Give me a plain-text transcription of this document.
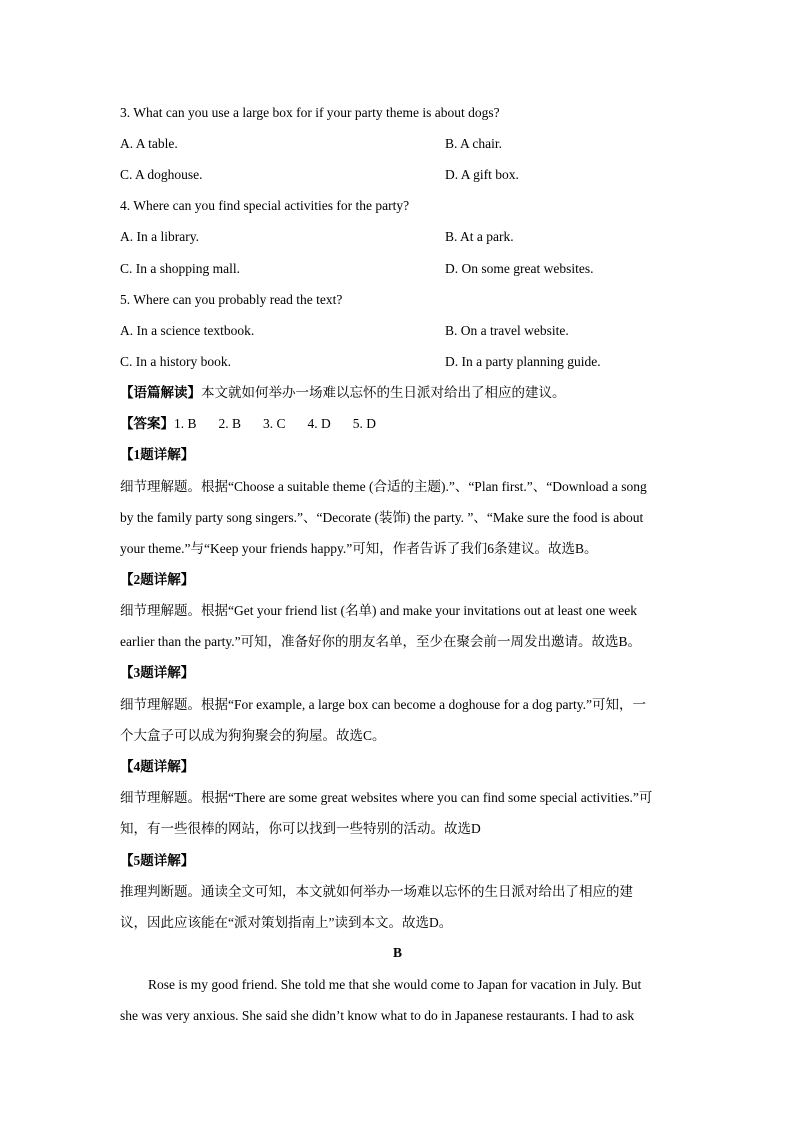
3. What can you use a large box for if your party theme is about dogs?
A. A table.	B. A chair.
C. A doghouse.	D. A gift box.
4. Where can you find special activities for the party?
A. In a library.	B. At a park.
C. In a shopping mall.	D. On some great websites.
5. Where can you probably read the text?
A. In a science textbook.	B. On a travel website.
C. In a history book.	D. In a party planning guide.
【语篇解读】本文就如何举办一场难以忘怀的生日派对给出了相应的建议。
【答案】1. B 2. B 3. C 4. D 5. D
【1题详解】
细节理解题。根据“Choose a suitable theme (合适的主题).”、“Plan first.”、“Download a song
by the family party song singers.”、“Decorate (装饰) the party. ”、“Make sure the food is about
your theme.”与“Keep your friends happy.”可知，作者告诉了我们6条建议。故选B。
【2题详解】
细节理解题。根据“Get your friend list (名单) and make your invitations out at least one week
earlier than the party.”可知，准备好你的朋友名单，至少在聚会前一周发出邀请。故选B。
【3题详解】
细节理解题。根据“For example, a large box can become a doghouse for a dog party.”可知，一
个大盒子可以成为狗狗聚会的狗屋。故选C。
【4题详解】
细节理解题。根据“There are some great websites where you can find some special activities.”可
知，有一些很棒的网站，你可以找到一些特别的活动。故选D
【5题详解】
推理判断题。通读全文可知，本文就如何举办一场难以忘怀的生日派对给出了相应的建
议，因此应该能在“派对策划指南上”读到本文。故选D。
B
Rose is my good friend. She told me that she would come to Japan for vacation in July. But
she was very anxious. She said she didn’t know what to do in Japanese restaurants. I had to ask
